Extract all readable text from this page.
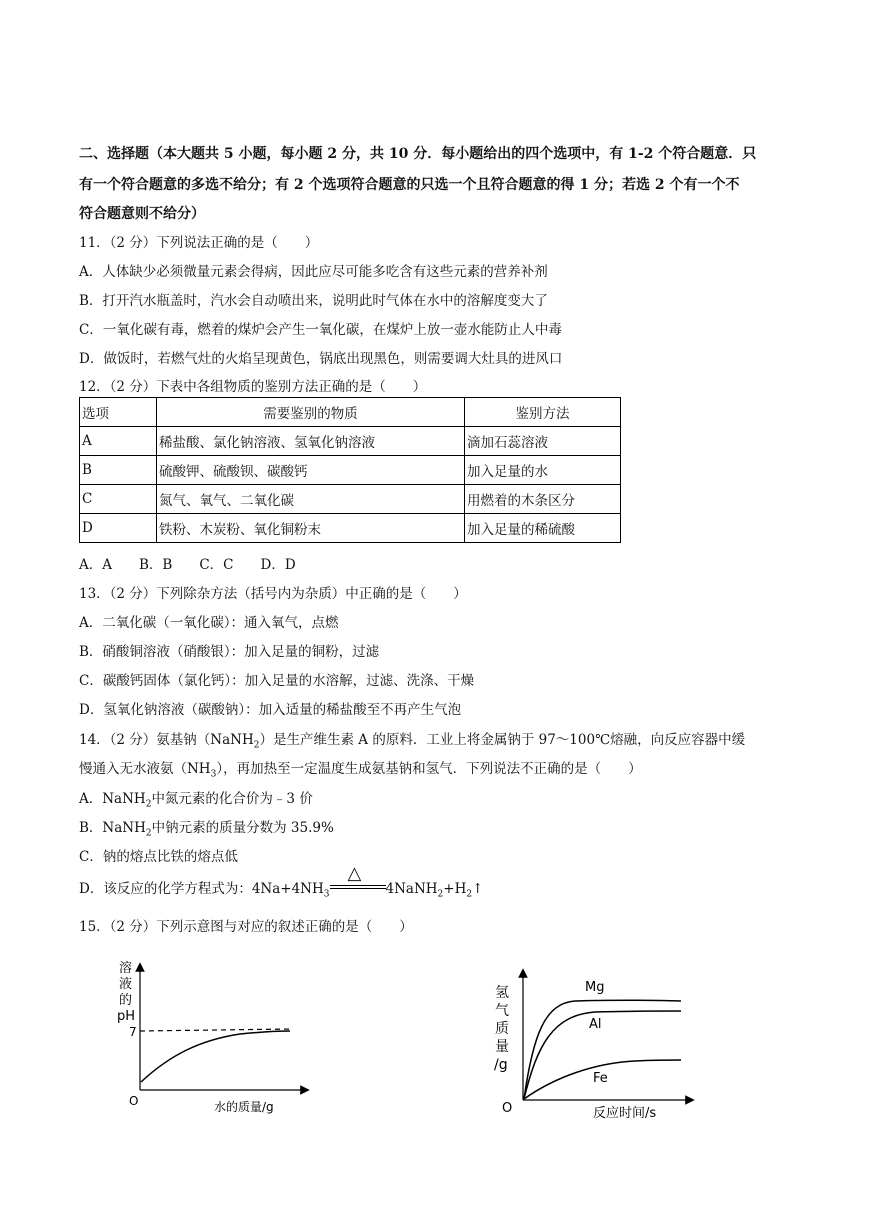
二、选择题（本大题共 5 小题，每小题 2 分，共 10 分．每小题给出的四个选项中，有 1-2 个符合题意．只
有一个符合题意的多选不给分；有 2 个选项符合题意的只选一个且符合题意的得 1 分；若选 2 个有一个不
符合题意则不给分）
11．（2 分）下列说法正确的是（　　）
A．人体缺少必须微量元素会得病，因此应尽可能多吃含有这些元素的营养补剂
B．打开汽水瓶盖时，汽水会自动喷出来，说明此时气体在水中的溶解度变大了
C．一氧化碳有毒，燃着的煤炉会产生一氧化碳，在煤炉上放一壶水能防止人中毒
D．做饭时，若燃气灶的火焰呈现黄色，锅底出现黑色，则需要调大灶具的进风口
12．（2 分）下表中各组物质的鉴别方法正确的是（　　）
选项	需要鉴别的物质	鉴别方法
A	稀盐酸、氯化钠溶液、氢氧化钠溶液	滴加石蕊溶液
B	硫酸钾、硫酸钡、碳酸钙	加入足量的水
C	氮气、氧气、二氧化碳	用燃着的木条区分
D	铁粉、木炭粉、氧化铜粉末	加入足量的稀硫酸
A．A　　B．B　　C．C　　D．D
13．（2 分）下列除杂方法（括号内为杂质）中正确的是（　　）
A．二氧化碳（一氧化碳）：通入氧气，点燃
B．硝酸铜溶液（硝酸银）：加入足量的铜粉，过滤
C．碳酸钙固体（氯化钙）：加入足量的水溶解，过滤、洗涤、干燥
D．氢氧化钠溶液（碳酸钠）：加入适量的稀盐酸至不再产生气泡
14．（2 分）氨基钠（NaNH$_2$）是生产维生素 A 的原料．工业上将金属钠于 97～100℃熔融，向反应容器中缓
慢通入无水液氨$(NH_3)$，再加热至一定温度生成氨基钠和氢气．下列说法不正确的是（　　）
A．NaNH$_2$中氮元素的化合价为﹣3 价
B．NaNH$_2$中钠元素的质量分数为 35.9%
C．钠的熔点比铁的熔点低
D．该反应的化学方程式为：$4Na+4NH_3$
△
$4NaNH_2+H_2↑$
15．（2 分）下列示意图与对应的叙述正确的是（　　）
溶
液
的
pH
7
O	水的质量/g
氢
气
质
量
/g
Mg
Al
Fe
O	反应时间/s
